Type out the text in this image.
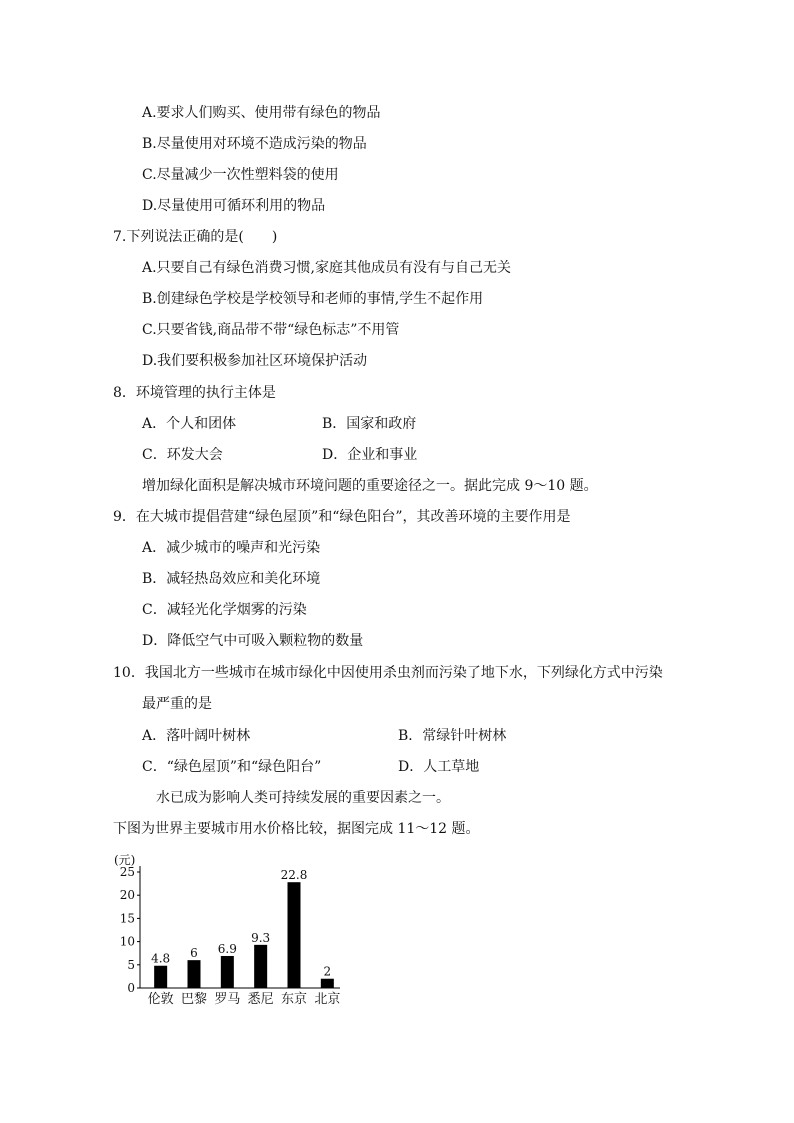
A.要求人们购买、使用带有绿色的物品
B.尽量使用对环境不造成污染的物品
C.尽量减少一次性塑料袋的使用
D.尽量使用可循环利用的物品
7.下列说法正确的是(　　)
A.只要自己有绿色消费习惯,家庭其他成员有没有与自己无关
B.创建绿色学校是学校领导和老师的事情,学生不起作用
C.只要省钱,商品带不带“绿色标志”不用管
D.我们要积极参加社区环境保护活动
8．环境管理的执行主体是
A．个人和团体	B．国家和政府
C．环发大会	D．企业和事业
增加绿化面积是解决城市环境问题的重要途径之一。据此完成 9～10 题。
9．在大城市提倡营建“绿色屋顶”和“绿色阳台”，其改善环境的主要作用是
A．减少城市的噪声和光污染
B．减轻热岛效应和美化环境
C．减轻光化学烟雾的污染
D．降低空气中可吸入颗粒物的数量
10．我国北方一些城市在城市绿化中因使用杀虫剂而污染了地下水，下列绿化方式中污染
最严重的是
A．落叶阔叶树林	B．常绿针叶树林
C．“绿色屋顶”和“绿色阳台”	D．人工草地
水已成为影响人类可持续发展的重要因素之一。
下图为世界主要城市用水价格比较，据图完成 11～12 题。
(元)
0
5
10
15
20
25
4.8
伦敦
6
巴黎
6.9
罗马
9.3
悉尼
22.8
东京
2
北京
